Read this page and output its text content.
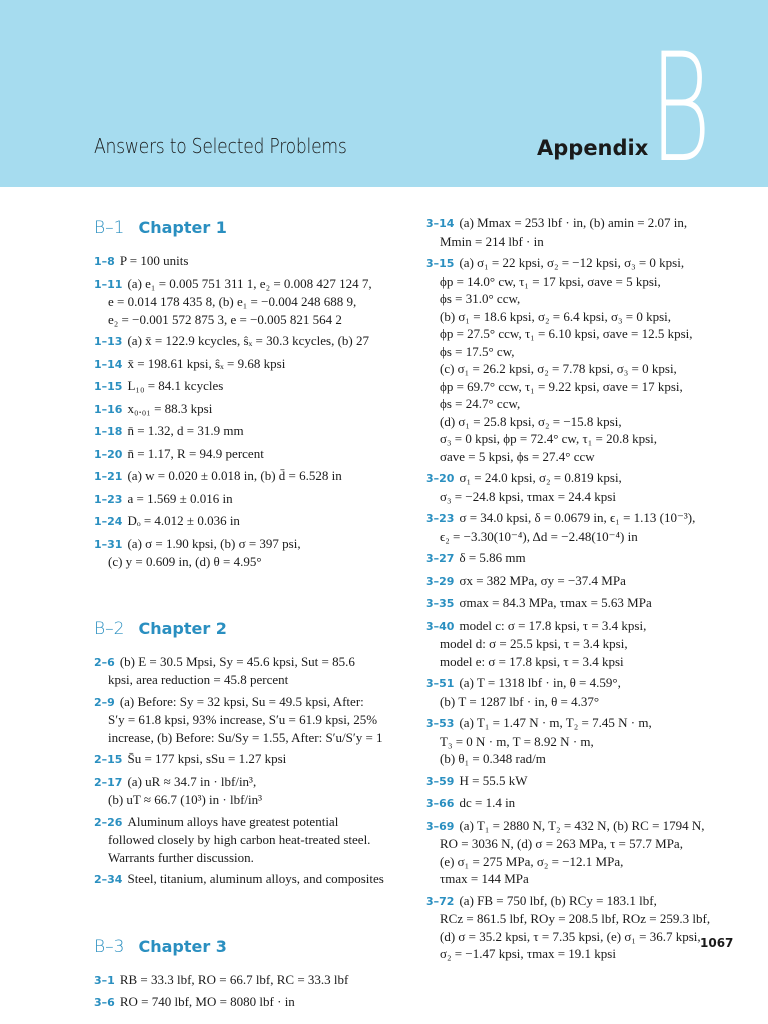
Answers to Selected Problems	Appendix B
B–1 Chapter 1
1–8 P = 100 units
1–11 (a) e₁ = 0.005 751 311 1, e₂ = 0.008 427 124 7,
e = 0.014 178 435 8, (b) e₁ = −0.004 248 688 9,
e₂ = −0.001 572 875 3, e = −0.005 821 564 2
1–13 (a) x̄ = 122.9 kcycles, ŝₓ = 30.3 kcycles, (b) 27
1–14 x̄ = 198.61 kpsi, ŝₓ = 9.68 kpsi
1–15 L₁₀ = 84.1 kcycles
1–16 x₀.₀₁ = 88.3 kpsi
1–18 n̄ = 1.32, d = 31.9 mm
1–20 n̄ = 1.17, R = 94.9 percent
1–21 (a) w = 0.020 ± 0.018 in, (b) d̄ = 6.528 in
1–23 a = 1.569 ± 0.016 in
1–24 Dₒ = 4.012 ± 0.036 in
1–31 (a) σ = 1.90 kpsi, (b) σ = 397 psi,
(c) y = 0.609 in, (d) θ = 4.95°
B–2 Chapter 2
2–6 (b) E = 30.5 Mpsi, Sy = 45.6 kpsi, Sut = 85.6
kpsi, area reduction = 45.8 percent
2–9 (a) Before: Sy = 32 kpsi, Su = 49.5 kpsi, After:
S′y = 61.8 kpsi, 93% increase, S′u = 61.9 kpsi, 25%
increase, (b) Before: Su/Sy = 1.55, After: S′u/S′y = 1
2–15 S̄u = 177 kpsi, sSu = 1.27 kpsi
2–17 (a) uR ≈ 34.7 in · lbf/in³,
(b) uT ≈ 66.7 (10³) in · lbf/in³
2–26 Aluminum alloys have greatest potential
followed closely by high carbon heat-treated steel.
Warrants further discussion.
2–34 Steel, titanium, aluminum alloys, and composites
B–3 Chapter 3
3–1 RB = 33.3 lbf, RO = 66.7 lbf, RC = 33.3 lbf
3–6 RO = 740 lbf, MO = 8080 lbf · in
3–14 (a) Mmax = 253 lbf · in, (b) amin = 2.07 in,
Mmin = 214 lbf · in
3–15 (a) σ₁ = 22 kpsi, σ₂ = −12 kpsi, σ₃ = 0 kpsi,
ϕp = 14.0° cw, τ₁ = 17 kpsi, σave = 5 kpsi,
ϕs = 31.0° ccw,
(b) σ₁ = 18.6 kpsi, σ₂ = 6.4 kpsi, σ₃ = 0 kpsi,
ϕp = 27.5° ccw, τ₁ = 6.10 kpsi, σave = 12.5 kpsi,
ϕs = 17.5° cw,
(c) σ₁ = 26.2 kpsi, σ₂ = 7.78 kpsi, σ₃ = 0 kpsi,
ϕp = 69.7° ccw, τ₁ = 9.22 kpsi, σave = 17 kpsi,
ϕs = 24.7° ccw,
(d) σ₁ = 25.8 kpsi, σ₂ = −15.8 kpsi,
σ₃ = 0 kpsi, ϕp = 72.4° cw, τ₁ = 20.8 kpsi,
σave = 5 kpsi, ϕs = 27.4° ccw
3–20 σ₁ = 24.0 kpsi, σ₂ = 0.819 kpsi,
σ₃ = −24.8 kpsi, τmax = 24.4 kpsi
3–23 σ = 34.0 kpsi, δ = 0.0679 in, ϵ₁ = 1.13 (10⁻³),
ϵ₂ = −3.30(10⁻⁴), Δd = −2.48(10⁻⁴) in
3–27 δ = 5.86 mm
3–29 σx = 382 MPa, σy = −37.4 MPa
3–35 σmax = 84.3 MPa, τmax = 5.63 MPa
3–40 model c: σ = 17.8 kpsi, τ = 3.4 kpsi,
model d: σ = 25.5 kpsi, τ = 3.4 kpsi,
model e: σ = 17.8 kpsi, τ = 3.4 kpsi
3–51 (a) T = 1318 lbf · in, θ = 4.59°,
(b) T = 1287 lbf · in, θ = 4.37°
3–53 (a) T₁ = 1.47 N · m, T₂ = 7.45 N · m,
T₃ = 0 N · m, T = 8.92 N · m,
(b) θ₁ = 0.348 rad/m
3–59 H = 55.5 kW
3–66 dc = 1.4 in
3–69 (a) T₁ = 2880 N, T₂ = 432 N, (b) RC = 1794 N,
RO = 3036 N, (d) σ = 263 MPa, τ = 57.7 MPa,
(e) σ₁ = 275 MPa, σ₂ = −12.1 MPa,
τmax = 144 MPa
3–72 (a) FB = 750 lbf, (b) RCy = 183.1 lbf,
RCz = 861.5 lbf, ROy = 208.5 lbf, ROz = 259.3 lbf,
(d) σ = 35.2 kpsi, τ = 7.35 kpsi, (e) σ₁ = 36.7 kpsi,
σ₂ = −1.47 kpsi, τmax = 19.1 kpsi
1067
